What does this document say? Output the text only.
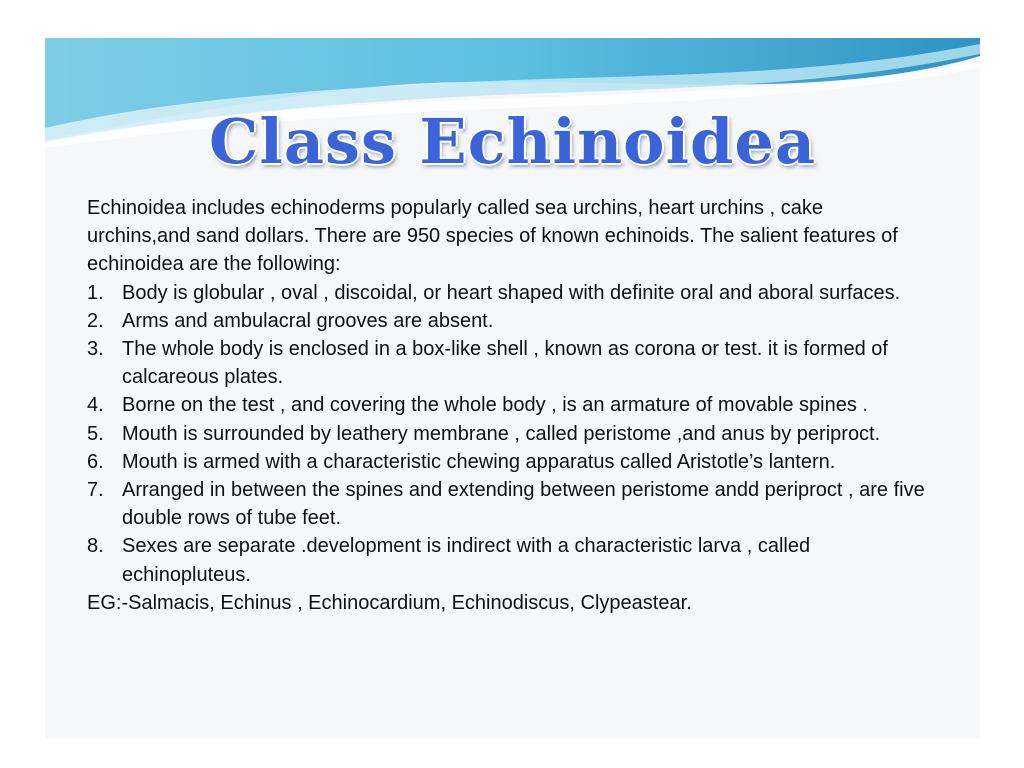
Class Echinoidea

Echinoidea includes echinoderms popularly called sea urchins, heart urchins , cake urchins,and sand dollars. There are 950 species of known echinoids. The salient features of echinoidea are the following:

1. Body is globular , oval , discoidal, or heart shaped with definite oral and aboral surfaces.
2. Arms and ambulacral grooves are absent.
3. The whole body is enclosed in a box-like shell , known as corona or test. it is formed of calcareous plates.
4. Borne on the test , and covering the whole body , is an armature of movable spines .
5. Mouth is surrounded by leathery membrane , called peristome ,and anus by periproct.
6. Mouth is armed with a characteristic chewing apparatus called Aristotle’s lantern.
7. Arranged in between the spines and extending between peristome andd periproct , are five double rows of tube feet.
8. Sexes are separate .development is indirect with a characteristic larva , called echinopluteus.

EG:-Salmacis, Echinus , Echinocardium, Echinodiscus, Clypeastear.
